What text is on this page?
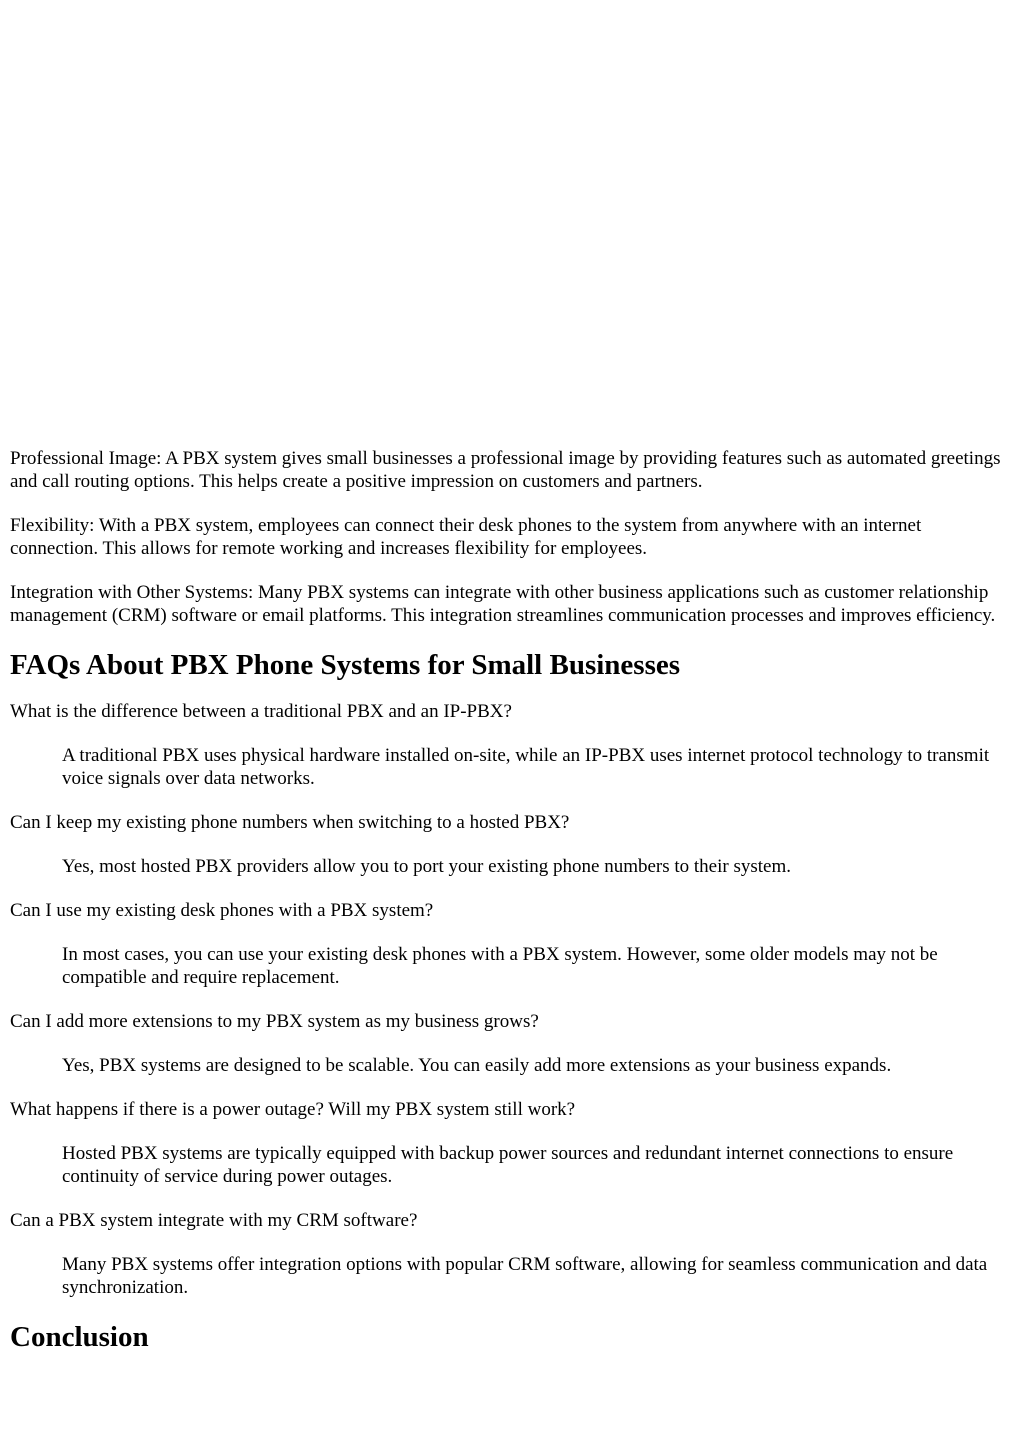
Professional Image: A PBX system gives small businesses a professional image by providing features such as automated greetings and call routing options. This helps create a positive impression on customers and partners.

Flexibility: With a PBX system, employees can connect their desk phones to the system from anywhere with an internet connection. This allows for remote working and increases flexibility for employees.

Integration with Other Systems: Many PBX systems can integrate with other business applications such as customer relationship management (CRM) software or email platforms. This integration streamlines communication processes and improves efficiency.

FAQs About PBX Phone Systems for Small Businesses
What is the difference between a traditional PBX and an IP-PBX?
A traditional PBX uses physical hardware installed on-site, while an IP-PBX uses internet protocol technology to transmit voice signals over data networks.
Can I keep my existing phone numbers when switching to a hosted PBX?
Yes, most hosted PBX providers allow you to port your existing phone numbers to their system.
Can I use my existing desk phones with a PBX system?
In most cases, you can use your existing desk phones with a PBX system. However, some older models may not be compatible and require replacement.
Can I add more extensions to my PBX system as my business grows?
Yes, PBX systems are designed to be scalable. You can easily add more extensions as your business expands.
What happens if there is a power outage? Will my PBX system still work?
Hosted PBX systems are typically equipped with backup power sources and redundant internet connections to ensure continuity of service during power outages.
Can a PBX system integrate with my CRM software?
Many PBX systems offer integration options with popular CRM software, allowing for seamless communication and data synchronization.
Conclusion
